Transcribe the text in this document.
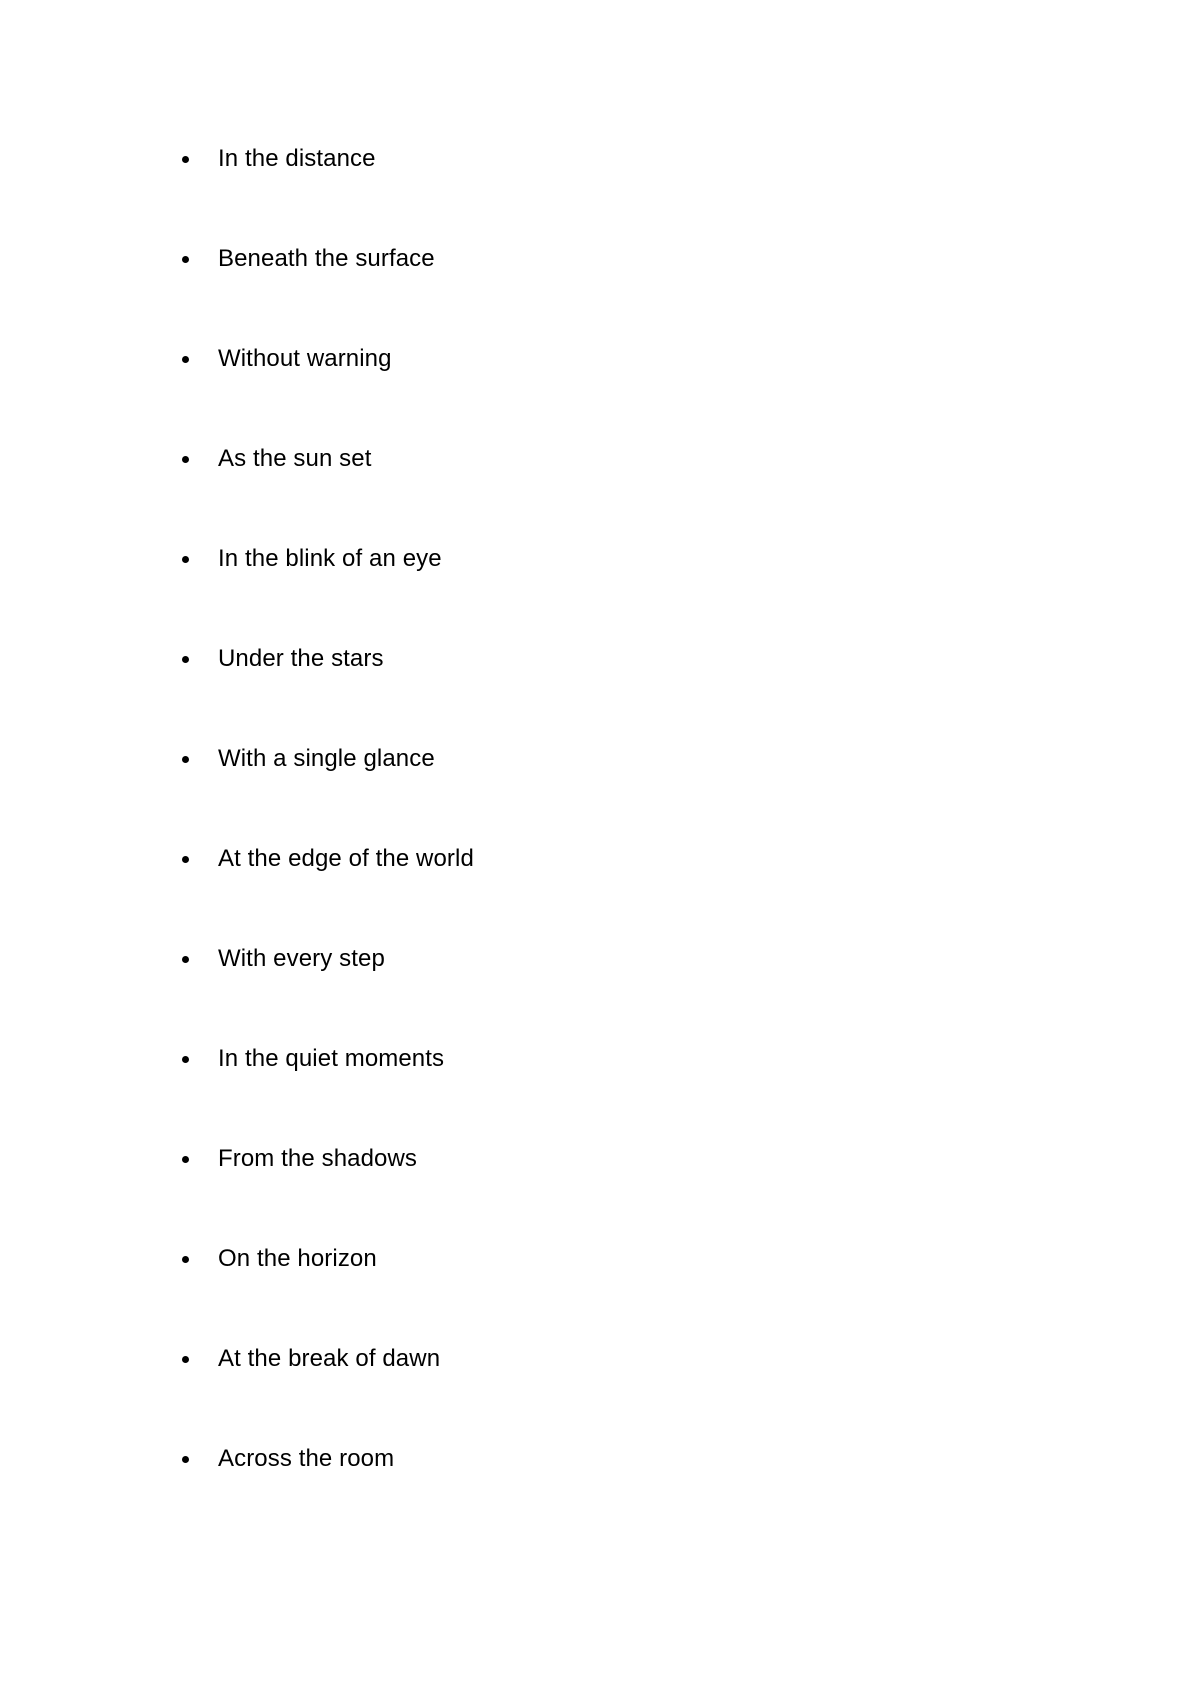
In the distance
Beneath the surface
Without warning
As the sun set
In the blink of an eye
Under the stars
With a single glance
At the edge of the world
With every step
In the quiet moments
From the shadows
On the horizon
At the break of dawn
Across the room
